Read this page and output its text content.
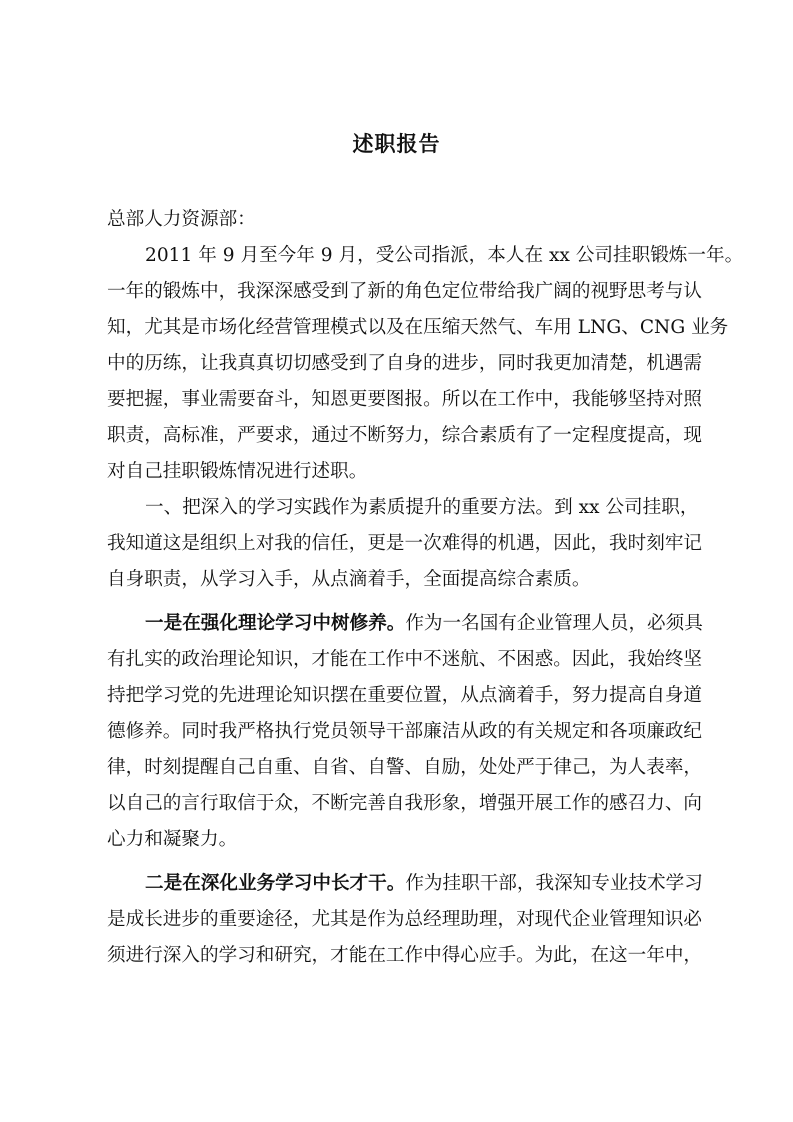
述职报告
总部人力资源部：
2011 年 9 月至今年 9 月，受公司指派，本人在 xx 公司挂职锻炼一年。
一年的锻炼中，我深深感受到了新的角色定位带给我广阔的视野思考与认
知，尤其是市场化经营管理模式以及在压缩天然气、车用 LNG、CNG 业务
中的历练，让我真真切切感受到了自身的进步，同时我更加清楚，机遇需
要把握，事业需要奋斗，知恩更要图报。所以在工作中，我能够坚持对照
职责，高标准，严要求，通过不断努力，综合素质有了一定程度提高，现
对自己挂职锻炼情况进行述职。
一、把深入的学习实践作为素质提升的重要方法。到 xx 公司挂职，
我知道这是组织上对我的信任，更是一次难得的机遇，因此，我时刻牢记
自身职责，从学习入手，从点滴着手，全面提高综合素质。
一是在强化理论学习中树修养。作为一名国有企业管理人员，必须具
有扎实的政治理论知识，才能在工作中不迷航、不困惑。因此，我始终坚
持把学习党的先进理论知识摆在重要位置，从点滴着手，努力提高自身道
德修养。同时我严格执行党员领导干部廉洁从政的有关规定和各项廉政纪
律，时刻提醒自己自重、自省、自警、自励，处处严于律己，为人表率，
以自己的言行取信于众，不断完善自我形象，增强开展工作的感召力、向
心力和凝聚力。
二是在深化业务学习中长才干。作为挂职干部，我深知专业技术学习
是成长进步的重要途径，尤其是作为总经理助理，对现代企业管理知识必
须进行深入的学习和研究，才能在工作中得心应手。为此，在这一年中，
